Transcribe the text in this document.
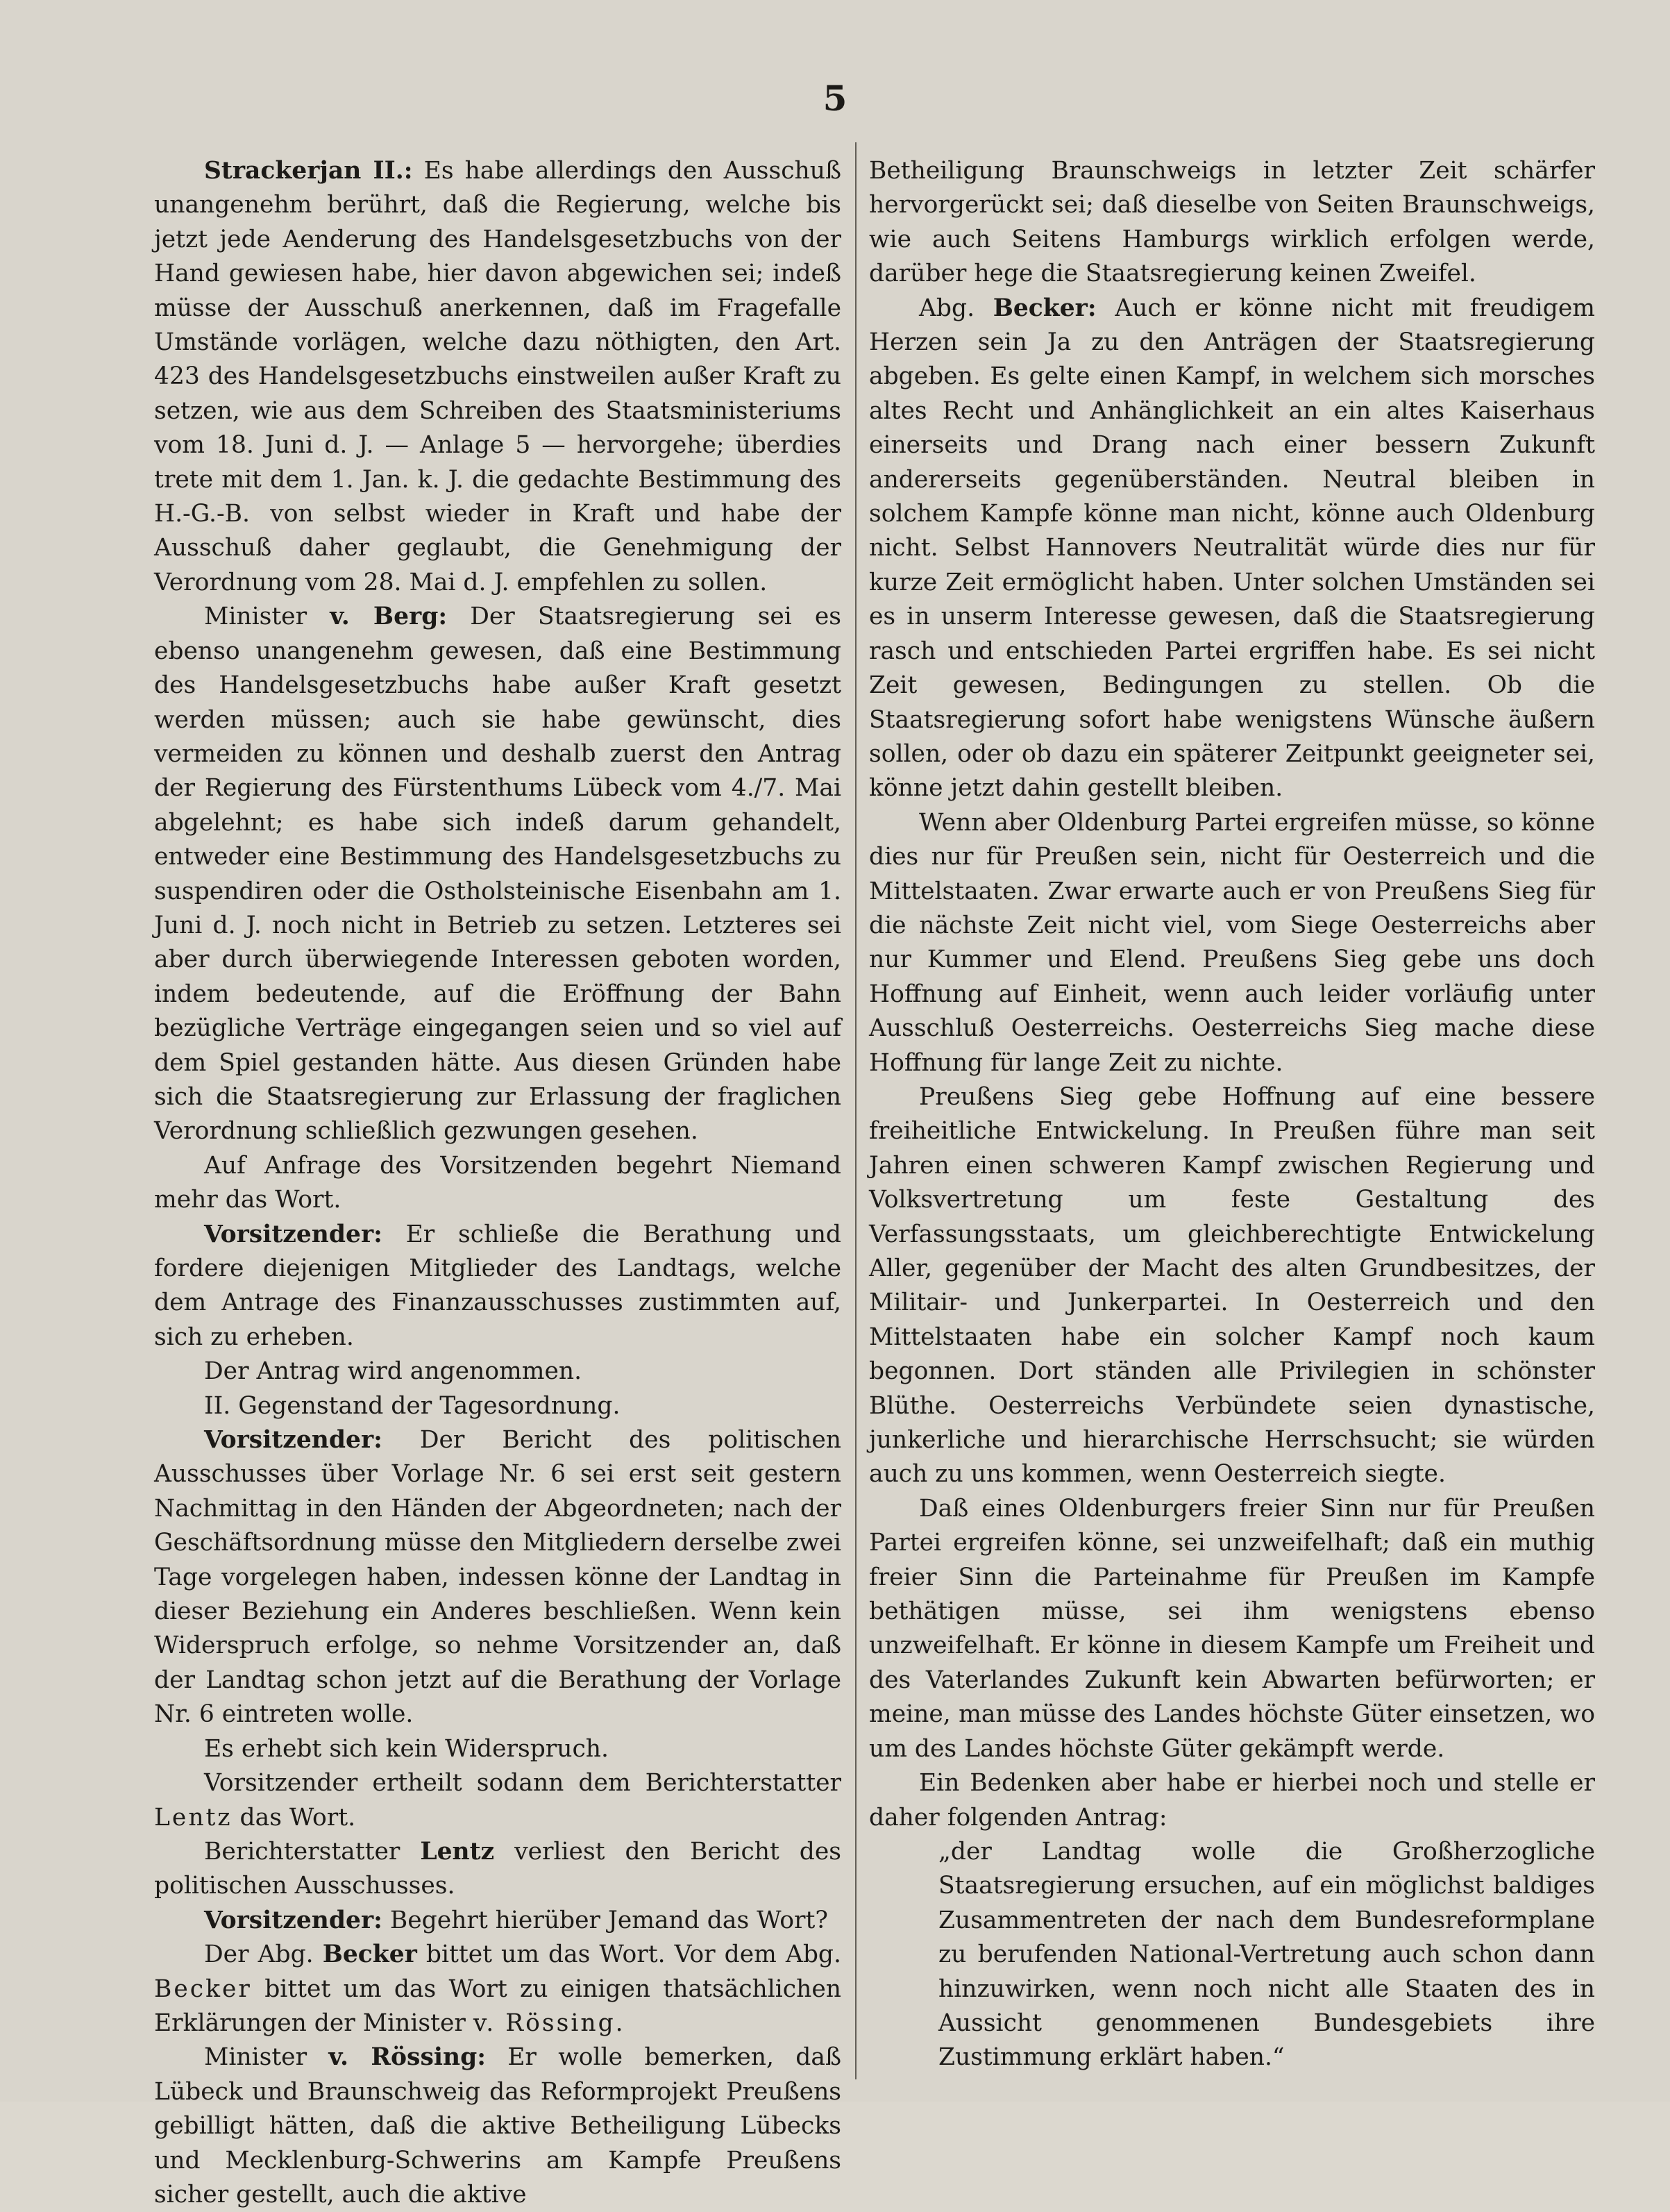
5

Strackerjan II.: Es habe allerdings den Ausschuß unangenehm berührt, daß die Regierung, welche bis jetzt jede Aenderung des Handelsgesetzbuchs von der Hand gewiesen habe, hier davon abgewichen sei; indeß müsse der Ausschuß anerkennen, daß im Fragefalle Umstände vorlägen, welche dazu nöthigten, den Art. 423 des Handelsgesetzbuchs einstweilen außer Kraft zu setzen, wie aus dem Schreiben des Staatsministeriums vom 18. Juni d. J. — Anlage 5 — hervorgehe; überdies trete mit dem 1. Jan. k. J. die gedachte Bestimmung des H.-G.-B. von selbst wieder in Kraft und habe der Ausschuß daher geglaubt, die Genehmigung der Verordnung vom 28. Mai d. J. empfehlen zu sollen.

Minister v. Berg: Der Staatsregierung sei es ebenso unangenehm gewesen, daß eine Bestimmung des Handelsgesetzbuchs habe außer Kraft gesetzt werden müssen; auch sie habe gewünscht, dies vermeiden zu können und deshalb zuerst den Antrag der Regierung des Fürstenthums Lübeck vom 4./7. Mai abgelehnt; es habe sich indeß darum gehandelt, entweder eine Bestimmung des Handelsgesetzbuchs zu suspendiren oder die Ostholsteinische Eisenbahn am 1. Juni d. J. noch nicht in Betrieb zu setzen. Letzteres sei aber durch überwiegende Interessen geboten worden, indem bedeutende, auf die Eröffnung der Bahn bezügliche Verträge eingegangen seien und so viel auf dem Spiel gestanden hätte. Aus diesen Gründen habe sich die Staatsregierung zur Erlassung der fraglichen Verordnung schließlich gezwungen gesehen.

Auf Anfrage des Vorsitzenden begehrt Niemand mehr das Wort.

Vorsitzender: Er schließe die Berathung und fordere diejenigen Mitglieder des Landtags, welche dem Antrage des Finanzausschusses zustimmten auf, sich zu erheben.

Der Antrag wird angenommen.

II. Gegenstand der Tagesordnung.

Vorsitzender: Der Bericht des politischen Ausschusses über Vorlage Nr. 6 sei erst seit gestern Nachmittag in den Händen der Abgeordneten; nach der Geschäftsordnung müsse den Mitgliedern derselbe zwei Tage vorgelegen haben, indessen könne der Landtag in dieser Beziehung ein Anderes beschließen. Wenn kein Widerspruch erfolge, so nehme Vorsitzender an, daß der Landtag schon jetzt auf die Berathung der Vorlage Nr. 6 eintreten wolle.

Es erhebt sich kein Widerspruch.

Vorsitzender ertheilt sodann dem Berichterstatter Lentz das Wort.

Berichterstatter Lentz verliest den Bericht des politischen Ausschusses.

Vorsitzender: Begehrt hierüber Jemand das Wort?

Der Abg. Becker bittet um das Wort. Vor dem Abg. Becker bittet um das Wort zu einigen thatsächlichen Erklärungen der Minister v. Rössing.

Minister v. Rössing: Er wolle bemerken, daß Lübeck und Braunschweig das Reformprojekt Preußens gebilligt hätten, daß die aktive Betheiligung Lübecks und Mecklenburg-Schwerins am Kampfe Preußens sicher gestellt, auch die aktive

Betheiligung Braunschweigs in letzter Zeit schärfer hervorgerückt sei; daß dieselbe von Seiten Braunschweigs, wie auch Seitens Hamburgs wirklich erfolgen werde, darüber hege die Staatsregierung keinen Zweifel.

Abg. Becker: Auch er könne nicht mit freudigem Herzen sein Ja zu den Anträgen der Staatsregierung abgeben. Es gelte einen Kampf, in welchem sich morsches altes Recht und Anhänglichkeit an ein altes Kaiserhaus einerseits und Drang nach einer bessern Zukunft andererseits gegenüberständen. Neutral bleiben in solchem Kampfe könne man nicht, könne auch Oldenburg nicht. Selbst Hannovers Neutralität würde dies nur für kurze Zeit ermöglicht haben. Unter solchen Umständen sei es in unserm Interesse gewesen, daß die Staatsregierung rasch und entschieden Partei ergriffen habe. Es sei nicht Zeit gewesen, Bedingungen zu stellen. Ob die Staatsregierung sofort habe wenigstens Wünsche äußern sollen, oder ob dazu ein späterer Zeitpunkt geeigneter sei, könne jetzt dahin gestellt bleiben.

Wenn aber Oldenburg Partei ergreifen müsse, so könne dies nur für Preußen sein, nicht für Oesterreich und die Mittelstaaten. Zwar erwarte auch er von Preußens Sieg für die nächste Zeit nicht viel, vom Siege Oesterreichs aber nur Kummer und Elend. Preußens Sieg gebe uns doch Hoffnung auf Einheit, wenn auch leider vorläufig unter Ausschluß Oesterreichs. Oesterreichs Sieg mache diese Hoffnung für lange Zeit zu nichte.

Preußens Sieg gebe Hoffnung auf eine bessere freiheitliche Entwickelung. In Preußen führe man seit Jahren einen schweren Kampf zwischen Regierung und Volksvertretung um feste Gestaltung des Verfassungsstaats, um gleichberechtigte Entwickelung Aller, gegenüber der Macht des alten Grundbesitzes, der Militair- und Junkerpartei. In Oesterreich und den Mittelstaaten habe ein solcher Kampf noch kaum begonnen. Dort ständen alle Privilegien in schönster Blüthe. Oesterreichs Verbündete seien dynastische, junkerliche und hierarchische Herrschsucht; sie würden auch zu uns kommen, wenn Oesterreich siegte.

Daß eines Oldenburgers freier Sinn nur für Preußen Partei ergreifen könne, sei unzweifelhaft; daß ein muthig freier Sinn die Parteinahme für Preußen im Kampfe bethätigen müsse, sei ihm wenigstens ebenso unzweifelhaft. Er könne in diesem Kampfe um Freiheit und des Vaterlandes Zukunft kein Abwarten befürworten; er meine, man müsse des Landes höchste Güter einsetzen, wo um des Landes höchste Güter gekämpft werde.

Ein Bedenken aber habe er hierbei noch und stelle er daher folgenden Antrag:

„der Landtag wolle die Großherzogliche Staatsregierung ersuchen, auf ein möglichst baldiges Zusammentreten der nach dem Bundesreformplane zu berufenden National-Vertretung auch schon dann hinzuwirken, wenn noch nicht alle Staaten des in Aussicht genommenen Bundesgebiets ihre Zustimmung erklärt haben.“
